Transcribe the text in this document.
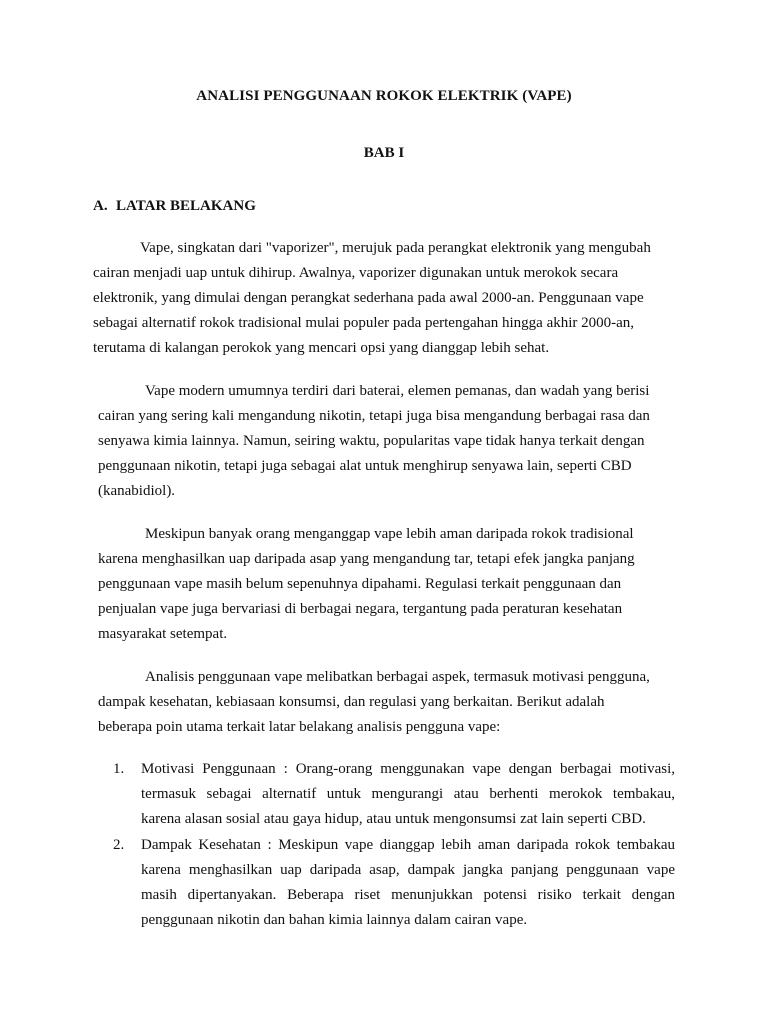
ANALISI PENGGUNAAN ROKOK ELEKTRIK (VAPE)
BAB I
A. LATAR BELAKANG

Vape, singkatan dari "vaporizer", merujuk pada perangkat elektronik yang mengubah
cairan menjadi uap untuk dihirup. Awalnya, vaporizer digunakan untuk merokok secara
elektronik, yang dimulai dengan perangkat sederhana pada awal 2000-an. Penggunaan vape
sebagai alternatif rokok tradisional mulai populer pada pertengahan hingga akhir 2000-an,
terutama di kalangan perokok yang mencari opsi yang dianggap lebih sehat.

Vape modern umumnya terdiri dari baterai, elemen pemanas, dan wadah yang berisi
cairan yang sering kali mengandung nikotin, tetapi juga bisa mengandung berbagai rasa dan
senyawa kimia lainnya. Namun, seiring waktu, popularitas vape tidak hanya terkait dengan
penggunaan nikotin, tetapi juga sebagai alat untuk menghirup senyawa lain, seperti CBD
(kanabidiol).

Meskipun banyak orang menganggap vape lebih aman daripada rokok tradisional
karena menghasilkan uap daripada asap yang mengandung tar, tetapi efek jangka panjang
penggunaan vape masih belum sepenuhnya dipahami. Regulasi terkait penggunaan dan
penjualan vape juga bervariasi di berbagai negara, tergantung pada peraturan kesehatan
masyarakat setempat.

Analisis penggunaan vape melibatkan berbagai aspek, termasuk motivasi pengguna,
dampak kesehatan, kebiasaan konsumsi, dan regulasi yang berkaitan. Berikut adalah
beberapa poin utama terkait latar belakang analisis pengguna vape:

1. Motivasi Penggunaan : Orang-orang menggunakan vape dengan berbagai motivasi,
termasuk sebagai alternatif untuk mengurangi atau berhenti merokok tembakau,
karena alasan sosial atau gaya hidup, atau untuk mengonsumsi zat lain seperti CBD.
2. Dampak Kesehatan : Meskipun vape dianggap lebih aman daripada rokok tembakau
karena menghasilkan uap daripada asap, dampak jangka panjang penggunaan vape
masih dipertanyakan. Beberapa riset menunjukkan potensi risiko terkait dengan
penggunaan nikotin dan bahan kimia lainnya dalam cairan vape.
